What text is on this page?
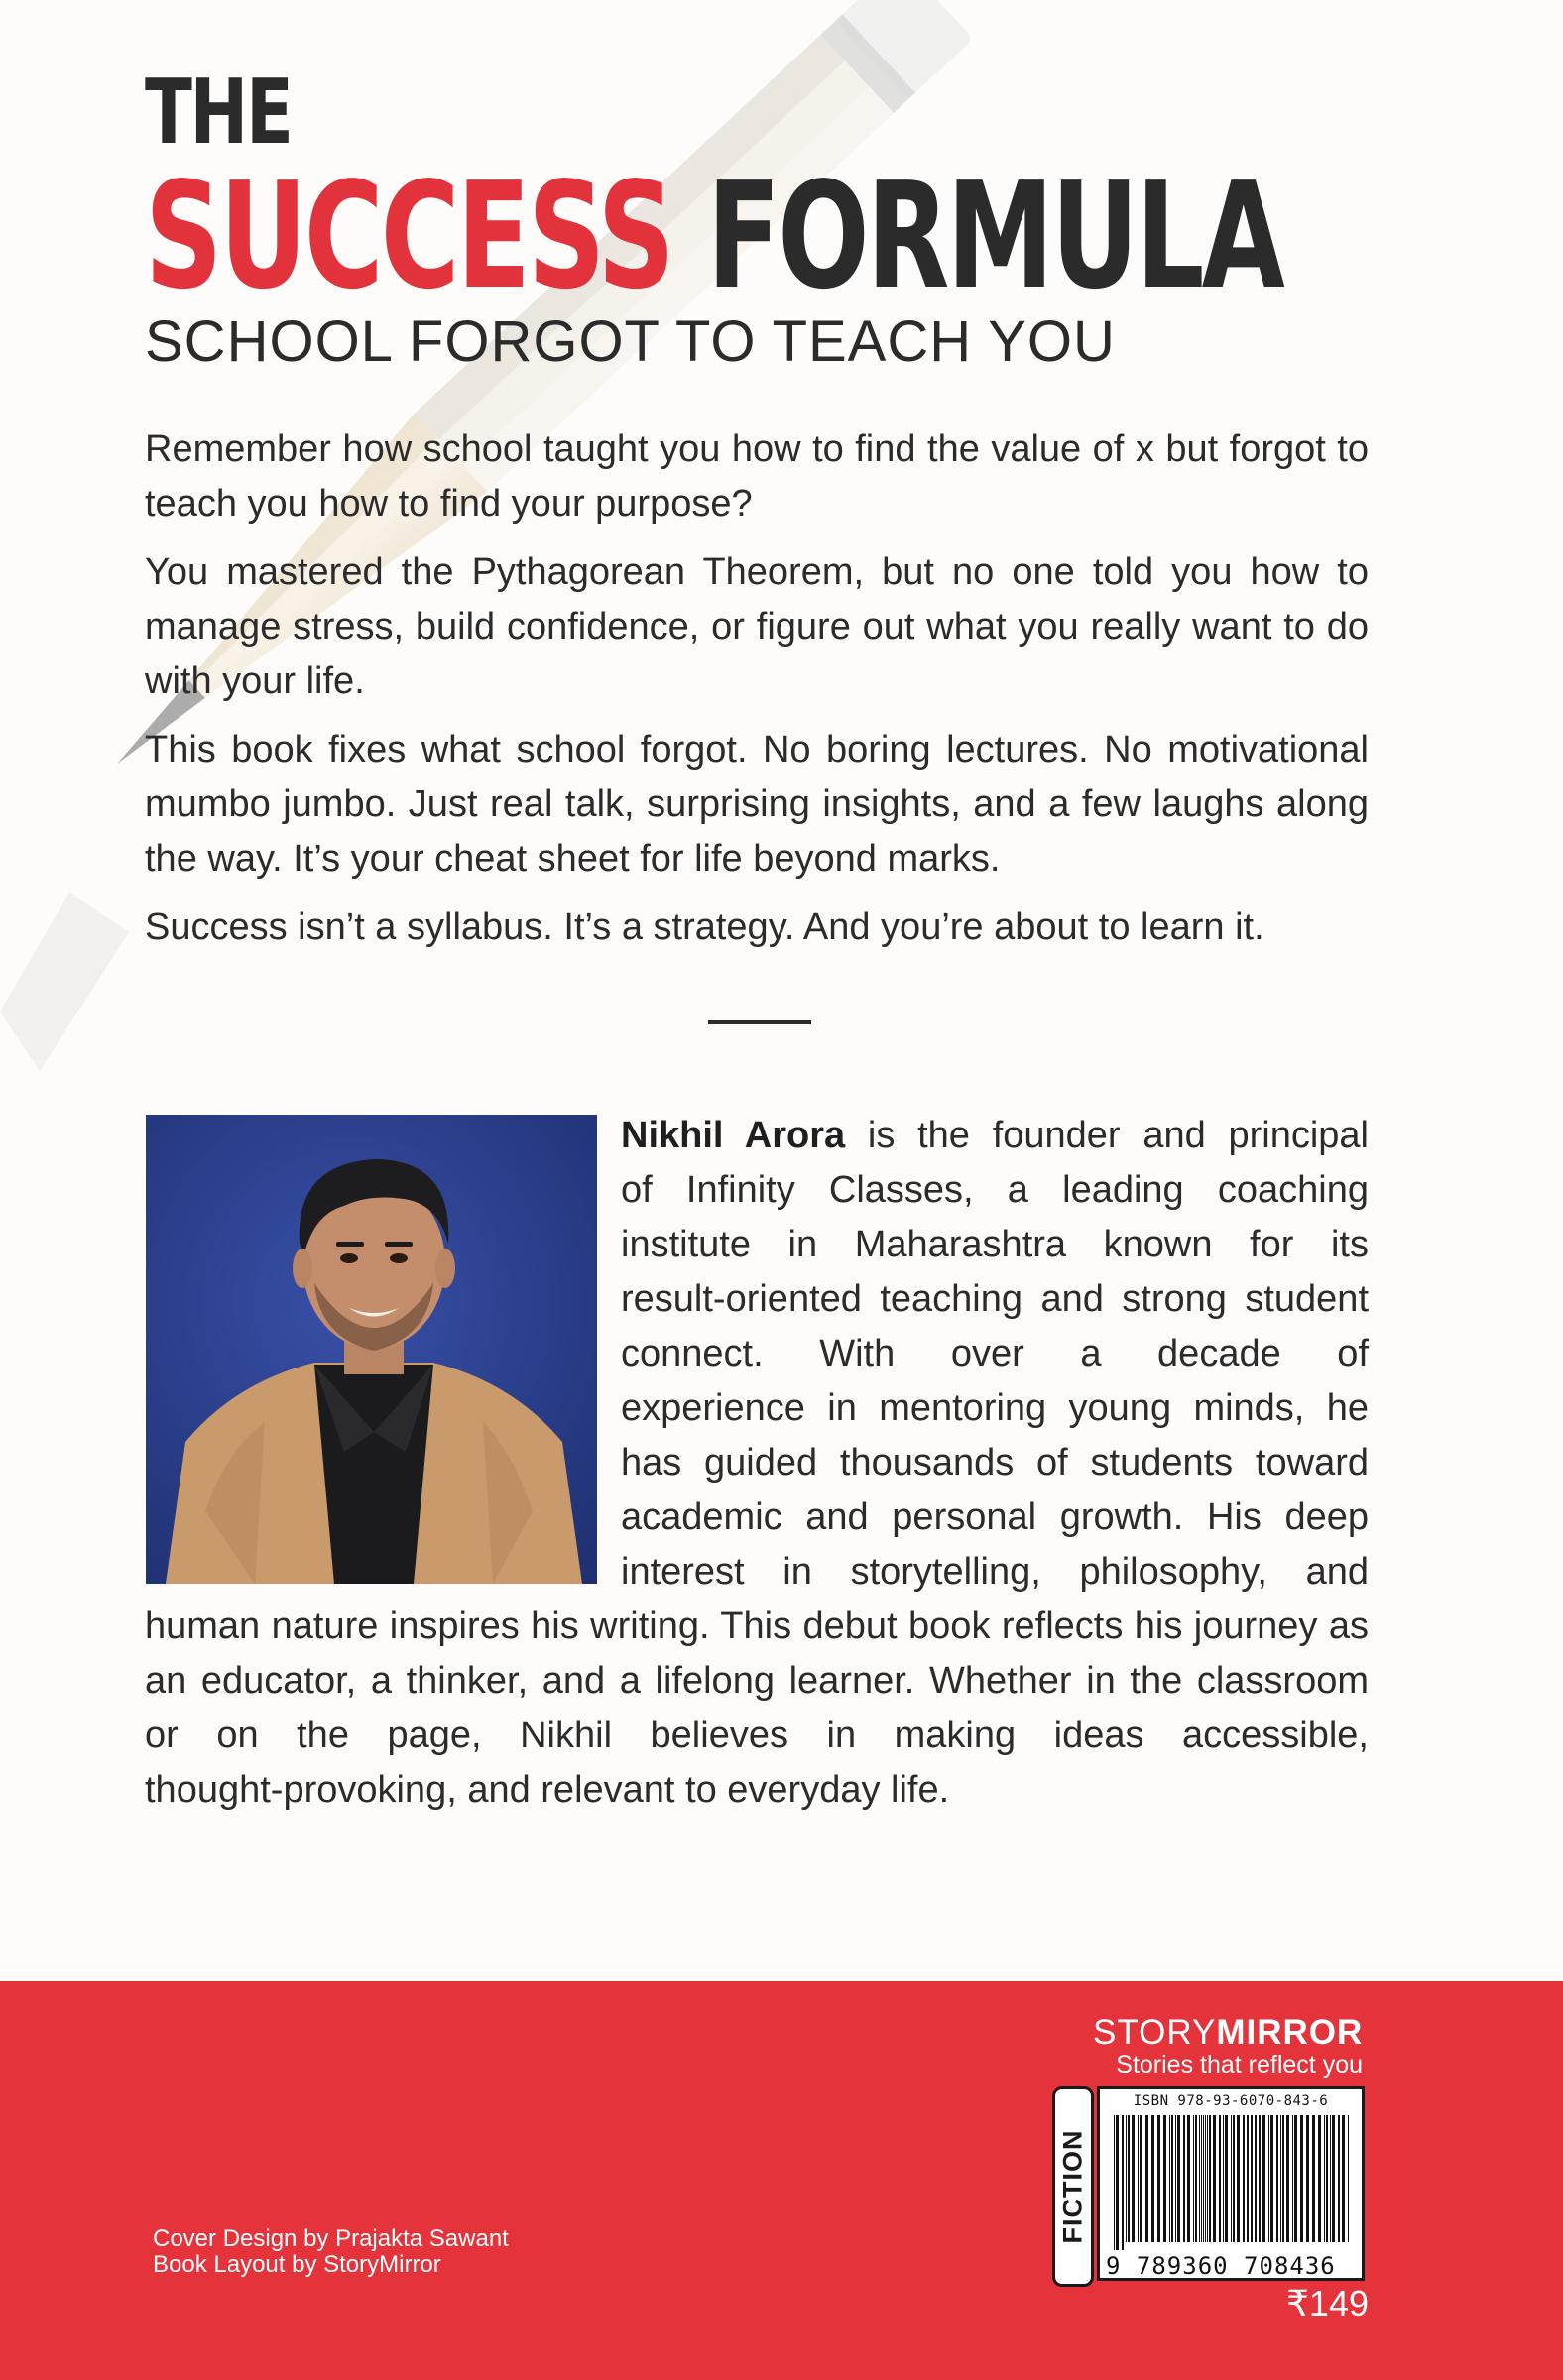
THE
SUCCESS FORMULA
SCHOOL FORGOT TO TEACH YOU

Remember how school taught you how to find the value of x but forgot to teach you how to find your purpose?

You mastered the Pythagorean Theorem, but no one told you how to manage stress, build confidence, or figure out what you really want to do with your life.

This book fixes what school forgot. No boring lectures. No motivational mumbo jumbo. Just real talk, surprising insights, and a few laughs along the way. It’s your cheat sheet for life beyond marks.

Success isn’t a syllabus. It’s a strategy. And you’re about to learn it.

Nikhil Arora is the founder and principal

of Infinity Classes, a leading coaching

institute in Maharashtra known for its

result-oriented teaching and strong student

connect. With over a decade of

experience in mentoring young minds, he

has guided thousands of students toward

academic and personal growth. His deep

interest in storytelling, philosophy, and

human nature inspires his writing. This debut book reflects his journey as

an educator, a thinker, and a lifelong learner. Whether in the classroom

or on the page, Nikhil believes in making ideas accessible,

thought-provoking, and relevant to everyday life.

Cover Design by Prajakta Sawant
Book Layout by StoryMirror
STORYMIRROR
Stories that reflect you
FICTION
ISBN 978-93-6070-843-6
9 789360 708436
₹149
